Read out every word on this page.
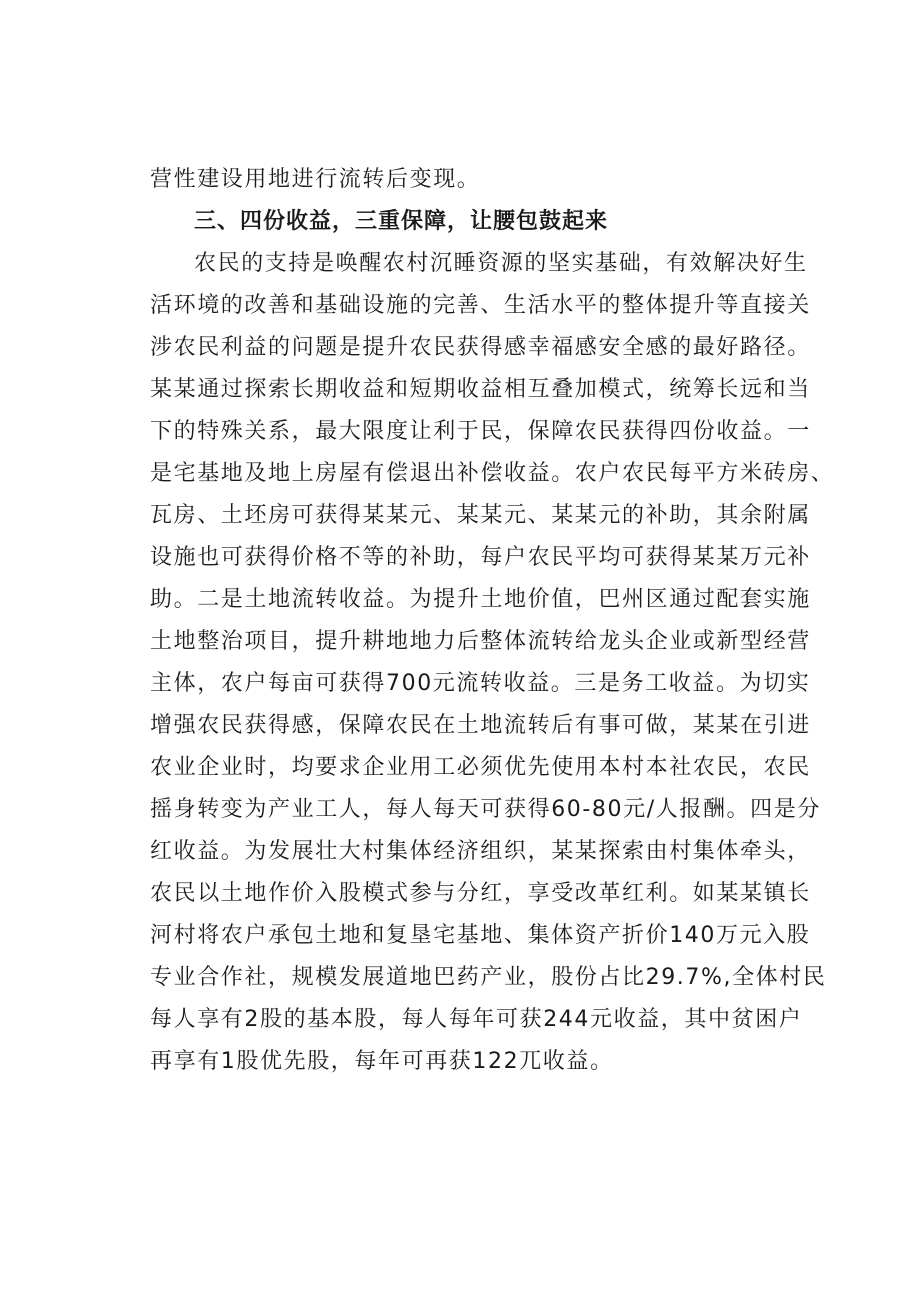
营性建设用地进行流转后变现。
三、四份收益，三重保障，让腰包鼓起来
农民的支持是唤醒农村沉睡资源的坚实基础，有效解决好生
活环境的改善和基础设施的完善、生活水平的整体提升等直接关
涉农民利益的问题是提升农民获得感幸福感安全感的最好路径。
某某通过探索长期收益和短期收益相互叠加模式，统筹长远和当
下的特殊关系，最大限度让利于民，保障农民获得四份收益。一
是宅基地及地上房屋有偿退出补偿收益。农户农民每平方米砖房、
瓦房、土坯房可获得某某元、某某元、某某元的补助，其余附属
设施也可获得价格不等的补助，每户农民平均可获得某某万元补
助。二是土地流转收益。为提升土地价值，巴州区通过配套实施
土地整治项目，提升耕地地力后整体流转给龙头企业或新型经营
主体，农户每亩可获得700元流转收益。三是务工收益。为切实
增强农民获得感，保障农民在土地流转后有事可做，某某在引进
农业企业时，均要求企业用工必须优先使用本村本社农民，农民
摇身转变为产业工人，每人每天可获得60-80元/人报酬。四是分
红收益。为发展壮大村集体经济组织，某某探索由村集体牵头，
农民以土地作价入股模式参与分红，享受改革红利。如某某镇长
河村将农户承包土地和复垦宅基地、集体资产折价140万元入股
专业合作社，规模发展道地巴药产业，股份占比29.7%,全体村民
每人享有2股的基本股，每人每年可获244元收益，其中贫困户
再享有1股优先股，每年可再获122兀收益。
